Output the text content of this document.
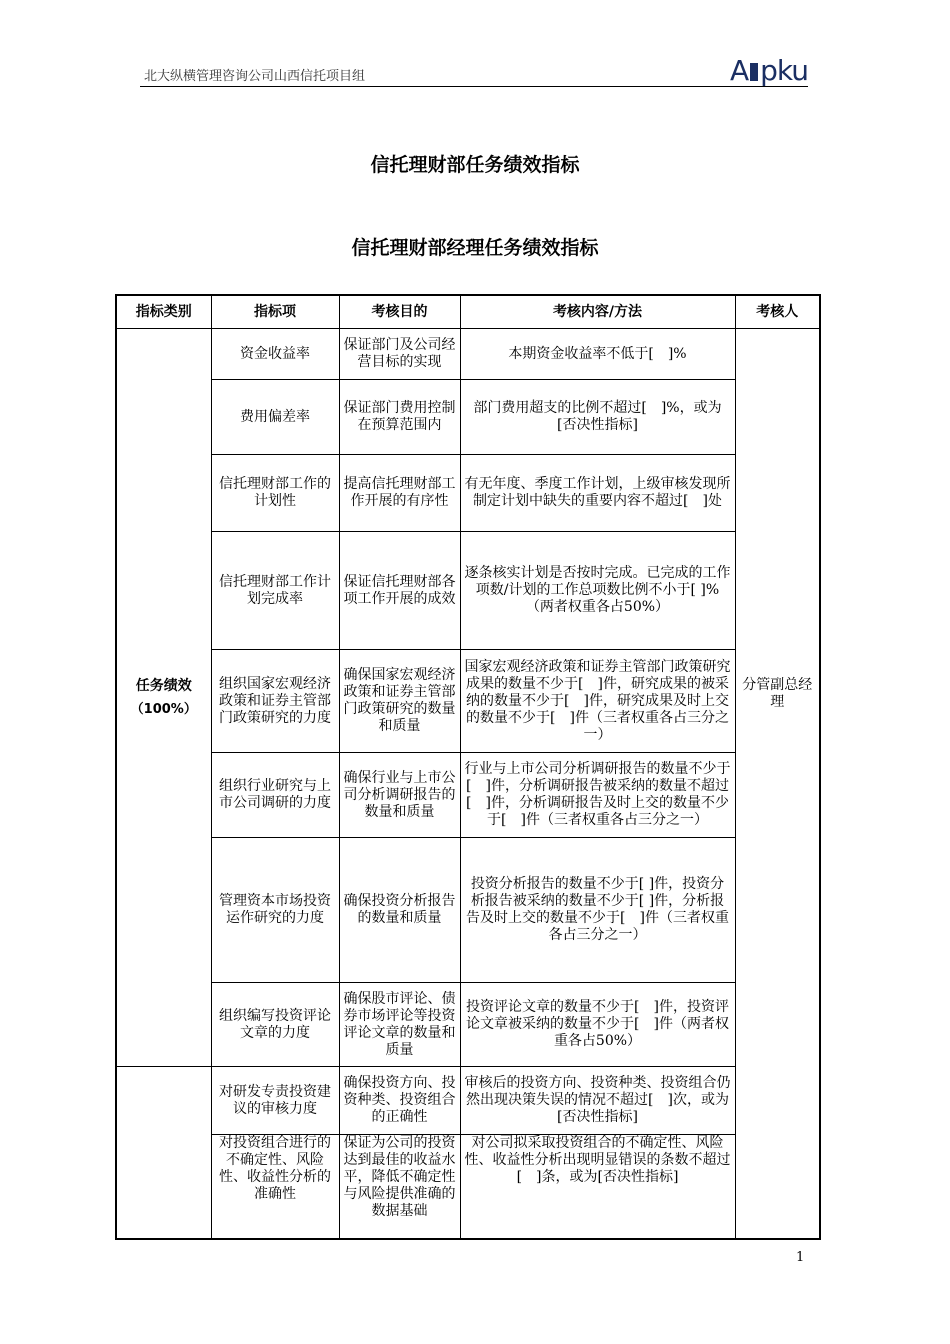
北大纵横管理咨询公司山西信托项目组	A pku
信托理财部任务绩效指标
信托理财部经理任务绩效指标
指标类别	指标项	考核目的	考核内容/方法	考核人
任务绩效
（100%）	资金收益率	保证部门及公司经营目标的实现	本期资金收益率不低于[　]%	分管副总经理

	费用偏差率	保证部门费用控制在预算范围内	部门费用超支的比例不超过[　]%，或为[否决性指标]	
	信托理财部工作的计划性	提高信托理财部工作开展的有序性	有无年度、季度工作计划，上级审核发现所制定计划中缺失的重要内容不超过[　]处	
	信托理财部工作计划完成率	保证信托理财部各项工作开展的成效	逐条核实计划是否按时完成。已完成的工作项数/计划的工作总项数比例不小于[ ]%（两者权重各占50%）	
	组织国家宏观经济政策和证券主管部门政策研究的力度	确保国家宏观经济政策和证券主管部门政策研究的数量和质量	国家宏观经济政策和证券主管部门政策研究成果的数量不少于[　]件，研究成果的被采纳的数量不少于[　]件，研究成果及时上交的数量不少于[　]件（三者权重各占三分之一）	
	组织行业研究与上市公司调研的力度	确保行业与上市公司分析调研报告的数量和质量	行业与上市公司分析调研报告的数量不少于[　]件，分析调研报告被采纳的数量不超过[　]件，分析调研报告及时上交的数量不少于[　]件（三者权重各占三分之一）	
	管理资本市场投资运作研究的力度	确保投资分析报告的数量和质量	投资分析报告的数量不少于[ ]件，投资分析报告被采纳的数量不少于[ ]件，分析报告及时上交的数量不少于[　]件（三者权重各占三分之一）	
	组织编写投资评论文章的力度	确保股市评论、债券市场评论等投资评论文章的数量和质量	投资评论文章的数量不少于[　]件，投资评论文章被采纳的数量不少于[　]件（两者权重各占50%）	
	对研发专责投资建议的审核力度	确保投资方向、投资种类、投资组合的正确性	审核后的投资方向、投资种类、投资组合仍然出现决策失误的情况不超过[　]次，或为[否决性指标]	
	对投资组合进行的不确定性、风险性、收益性分析的准确性	保证为公司的投资达到最佳的收益水平，降低不确定性与风险提供准确的数据基础	对公司拟采取投资组合的不确定性、风险性、收益性分析出现明显错误的条数不超过[　]条，或为[否决性指标]	
1
